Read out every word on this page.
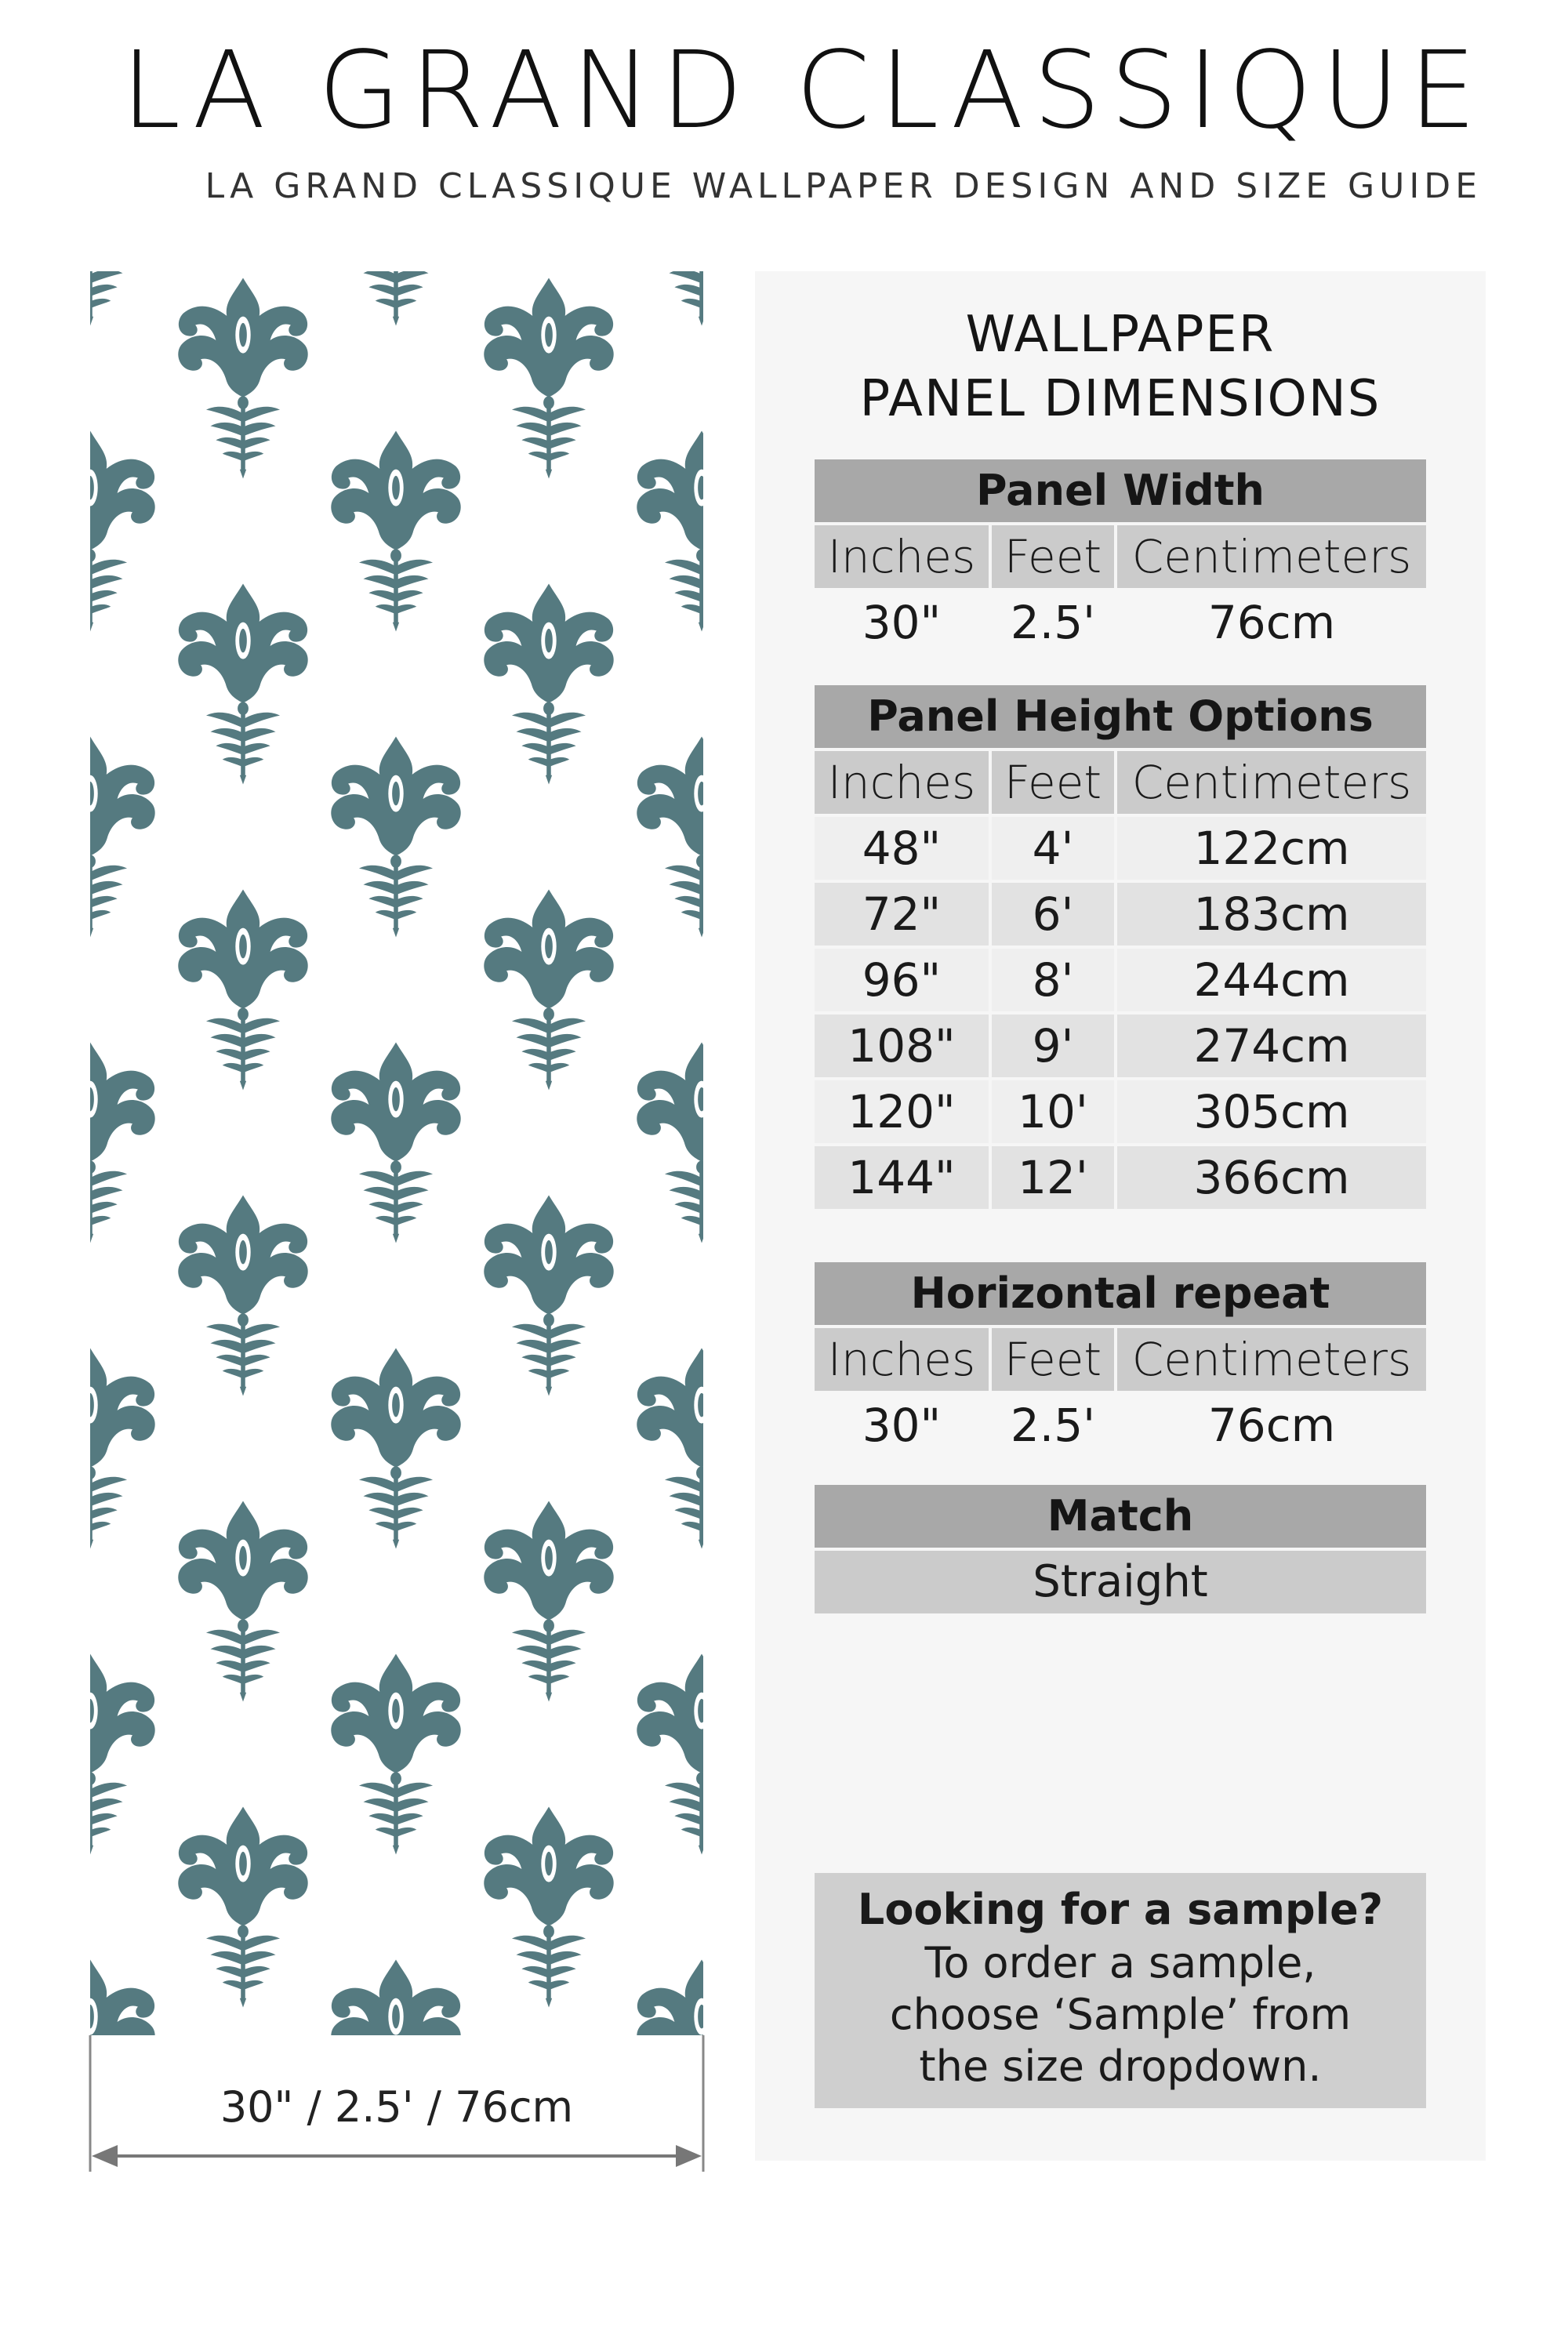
LA GRAND CLASSIQUE
LA GRAND CLASSIQUE WALLPAPER DESIGN AND SIZE GUIDE
30" / 2.5' / 76cm
WALLPAPER
PANEL DIMENSIONS
Panel Width
Inches Feet Centimeters
30"	2.5'	76cm
Panel Height Options
Inches Feet Centimeters
48"	4'	122cm
72"	6'	183cm
96"	8'	244cm
108"	9'	274cm
120"	10'	305cm
144"	12'	366cm
Horizontal repeat
Inches Feet Centimeters
30"	2.5'	76cm
Match
Straight
Looking for a sample?
To order a sample,
choose ‘Sample’ from
the size dropdown.
